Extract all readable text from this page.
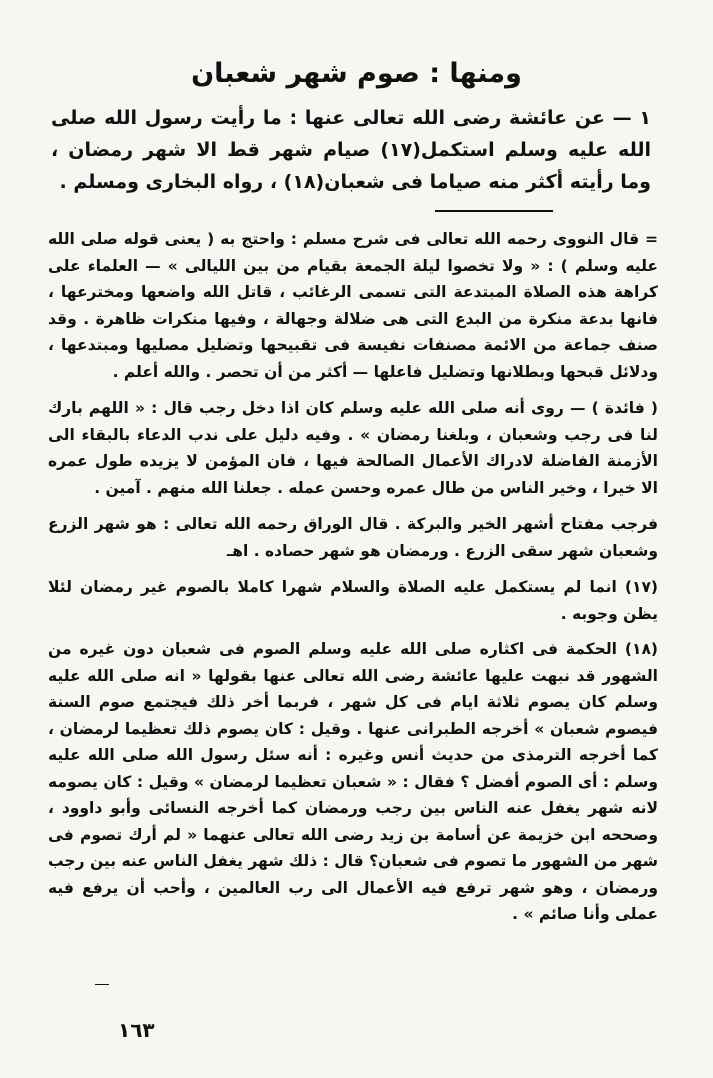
ومنها : صوم شهر شعبان

١ — عن عائشة رضى الله تعالى عنها : ما رأيت رسول الله صلى الله عليه وسلم استكمل(١٧) صيام شهر قط الا شهر رمضان ، وما رأيته أكثر منه صياما فى شعبان(١٨) ، رواه البخارى ومسلم .

= قال النووى رحمه الله تعالى فى شرح مسلم : واحتج به ( يعنى قوله صلى الله عليه وسلم ) : « ولا تخصوا ليلة الجمعة بقيام من بين الليالى » — العلماء على كراهة هذه الصلاة المبتدعة التى تسمى الرغائب ، قاتل الله واضعها ومخترعها ، فانها بدعة منكرة من البدع التى هى ضلالة وجهالة ، وفيها منكرات ظاهرة . وقد صنف جماعة من الائمة مصنفات نفيسة فى تقبيحها وتضليل مصليها ومبتدعها ، ودلائل قبحها وبطلانها وتضليل فاعلها — أكثر من أن تحصر . والله أعلم .

( فائدة ) — روى أنه صلى الله عليه وسلم كان اذا دخل رجب قال : « اللهم بارك لنا فى رجب وشعبان ، وبلغنا رمضان » . وفيه دليل على ندب الدعاء بالبقاء الى الأزمنة الفاضلة لادراك الأعمال الصالحة فيها ، فان المؤمن لا يزيده طول عمره الا خيرا ، وخير الناس من طال عمره وحسن عمله . جعلنا الله منهم . آمين .

فرجب مفتاح أشهر الخير والبركة . قال الوراق رحمه الله تعالى : هو شهر الزرع وشعبان شهر سقى الزرع . ورمضان هو شهر حصاده . اهـ

(١٧) انما لم يستكمل عليه الصلاة والسلام شهرا كاملا بالصوم غير رمضان لئلا يظن وجوبه .

(١٨) الحكمة فى اكثاره صلى الله عليه وسلم الصوم فى شعبان دون غيره من الشهور قد نبهت عليها عائشة رضى الله تعالى عنها بقولها « انه صلى الله عليه وسلم كان يصوم ثلاثة ايام فى كل شهر ، فربما أخر ذلك فيجتمع صوم السنة فيصوم شعبان » أخرجه الطبرانى عنها . وقيل : كان يصوم ذلك تعظيما لرمضان ، كما أخرجه الترمذى من حديث أنس وغيره : أنه سئل رسول الله صلى الله عليه وسلم : أى الصوم أفضل ؟ فقال : « شعبان تعظيما لرمضان » وقيل : كان يصومه لانه شهر يغفل عنه الناس بين رجب ورمضان كما أخرجه النسائى وأبو داوود ، وصححه ابن خزيمة عن أسامة بن زيد رضى الله تعالى عنهما « لم أرك تصوم فى شهر من الشهور ما تصوم فى شعبان؟ قال : ذلك شهر يغفل الناس عنه بين رجب ورمضان ، وهو شهر ترفع فيه الأعمال الى رب العالمين ، وأحب أن يرفع فيه عملى وأنا صائم » .

١٦٣
